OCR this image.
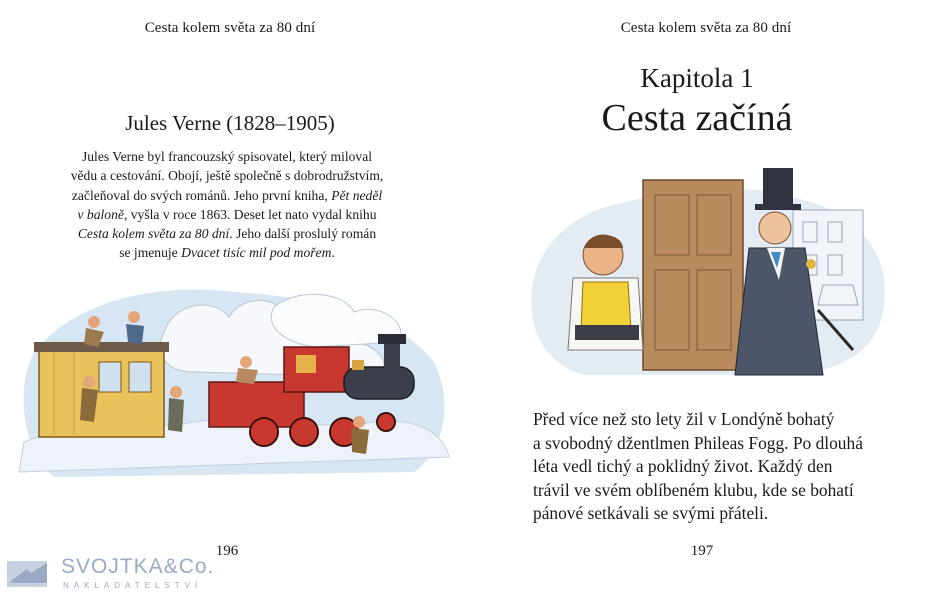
Cesta kolem světa za 80 dní
Jules Verne (1828–1905)
Jules Verne byl francouzský spisovatel, který miloval
vědu a cestování. Obojí, ještě společně s dobrodružstvím,
začleňoval do svých románů. Jeho první kniha, Pět neděl
v baloně, vyšla v roce 1863. Deset let nato vydal knihu
Cesta kolem světa za 80 dní. Jeho další proslulý román
se jmenuje Dvacet tisíc mil pod mořem.
196
Cesta kolem světa za 80 dní
Kapitola 1
Cesta začíná
Před více než sto lety žil v Londýně bohatý
a svobodný džentlmen Phileas Fogg. Po dlouhá
léta vedl tichý a poklidný život. Každý den
trávil ve svém oblíbeném klubu, kde se bohatí
pánové setkávali se svými přáteli.
197
SVOJTKA&Co.
NAKLADATELSTVÍ
